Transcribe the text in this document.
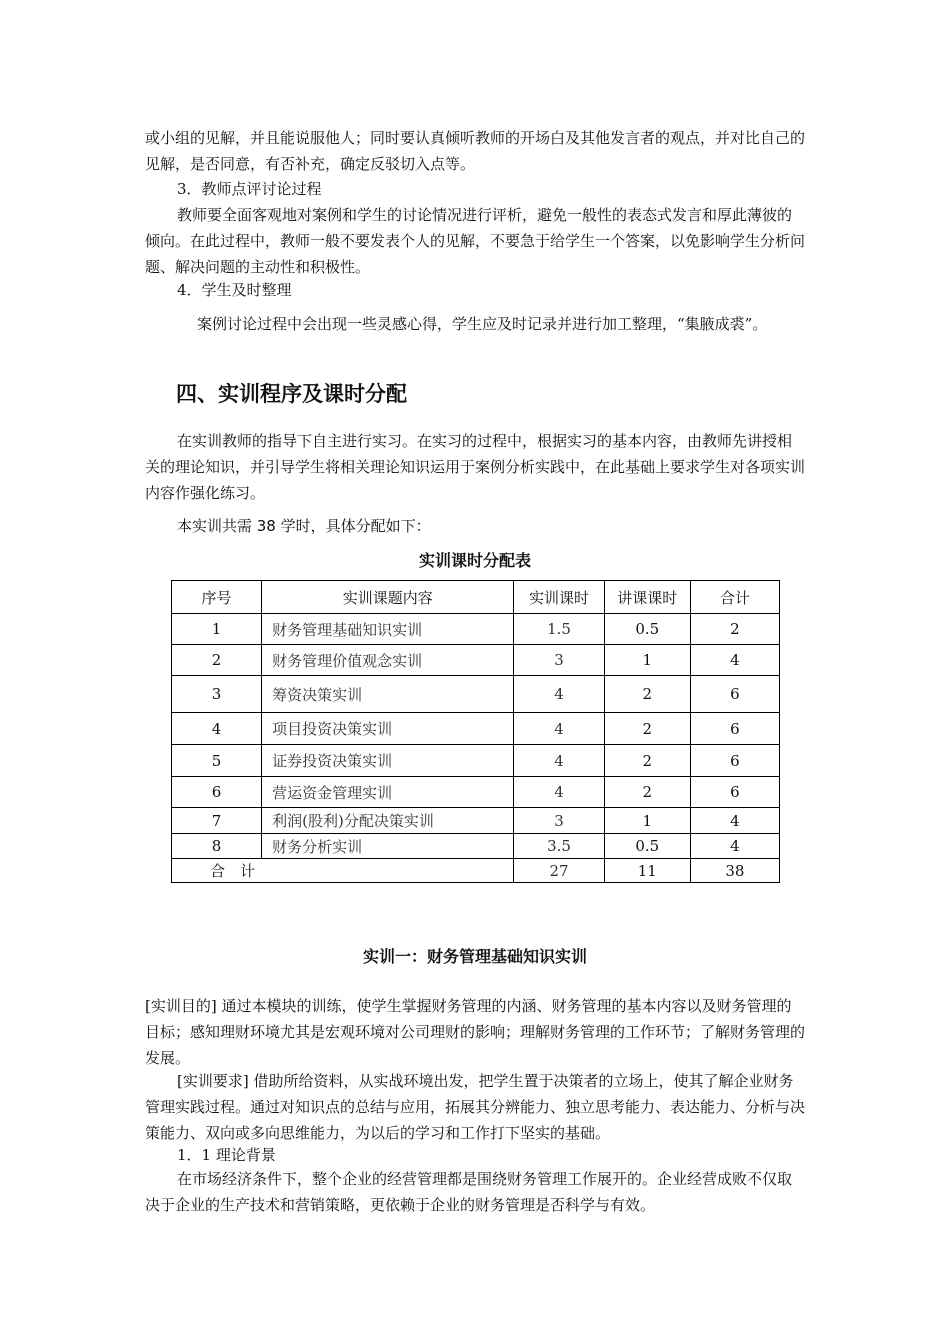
或小组的见解，并且能说服他人；同时要认真倾听教师的开场白及其他发言者的观点，并对比自己的见解，是否同意，有否补充，确定反驳切入点等。

3．教师点评讨论过程

教师要全面客观地对案例和学生的讨论情况进行评析，避免一般性的表态式发言和厚此薄彼的倾向。在此过程中，教师一般不要发表个人的见解，不要急于给学生一个答案，以免影响学生分析问题、解决问题的主动性和积极性。

4．学生及时整理

案例讨论过程中会出现一些灵感心得，学生应及时记录并进行加工整理，“集腋成裘”。

四、实训程序及课时分配

在实训教师的指导下自主进行实习。在实习的过程中，根据实习的基本内容，由教师先讲授相关的理论知识，并引导学生将相关理论知识运用于案例分析实践中，在此基础上要求学生对各项实训内容作强化练习。

本实训共需 38 学时，具体分配如下：

实训课时分配表

序号	实训课题内容	实训课时	讲课课时	合计
1	财务管理基础知识实训	1.5	0.5	2
2	财务管理价值观念实训	3	1	4
3	筹资决策实训	4	2	6
4	项目投资决策实训	4	2	6
5	证券投资决策实训	4	2	6
6	营运资金管理实训	4	2	6
7	利润(股利)分配决策实训	3	1	4
8	财务分析实训	3.5	0.5	4
合　计		27	11	38

实训一：财务管理基础知识实训

[实训目的] 通过本模块的训练，使学生掌握财务管理的内涵、财务管理的基本内容以及财务管理的目标；感知理财环境尤其是宏观环境对公司理财的影响；理解财务管理的工作环节；了解财务管理的发展。

[实训要求] 借助所给资料，从实战环境出发，把学生置于决策者的立场上，使其了解企业财务管理实践过程。通过对知识点的总结与应用，拓展其分辨能力、独立思考能力、表达能力、分析与决策能力、双向或多向思维能力，为以后的学习和工作打下坚实的基础。

1．1 理论背景

在市场经济条件下，整个企业的经营管理都是围绕财务管理工作展开的。企业经营成败不仅取决于企业的生产技术和营销策略，更依赖于企业的财务管理是否科学与有效。
